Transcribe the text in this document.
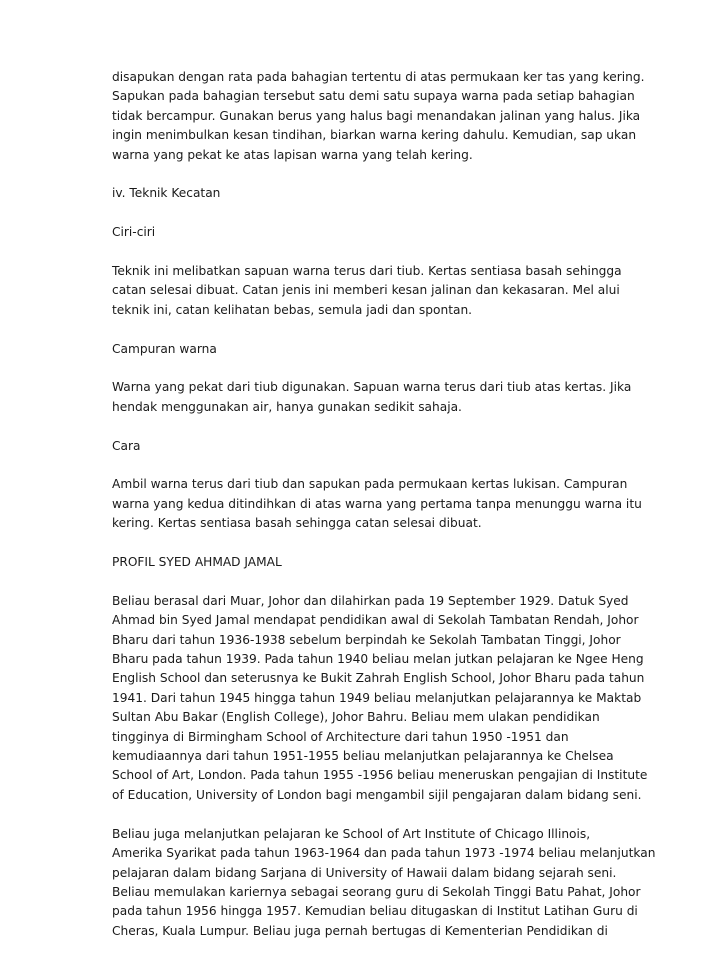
disapukan dengan rata pada bahagian tertentu di atas permukaan ker tas yang kering.
Sapukan pada bahagian tersebut satu demi satu supaya warna pada setiap bahagian
tidak bercampur. Gunakan berus yang halus bagi menandakan jalinan yang halus. Jika
ingin menimbulkan kesan tindihan, biarkan warna kering dahulu. Kemudian, sap ukan
warna yang pekat ke atas lapisan warna yang telah kering.
iv. Teknik Kecatan
Ciri-ciri
Teknik ini melibatkan sapuan warna terus dari tiub. Kertas sentiasa basah sehingga
catan selesai dibuat. Catan jenis ini memberi kesan jalinan dan kekasaran. Mel alui
teknik ini, catan kelihatan bebas, semula jadi dan spontan.
Campuran warna
Warna yang pekat dari tiub digunakan. Sapuan warna terus dari tiub atas kertas. Jika
hendak menggunakan air, hanya gunakan sedikit sahaja.
Cara
Ambil warna terus dari tiub dan sapukan pada permukaan kertas lukisan. Campuran
warna yang kedua ditindihkan di atas warna yang pertama tanpa menunggu warna itu
kering. Kertas sentiasa basah sehingga catan selesai dibuat.
PROFIL SYED AHMAD JAMAL
Beliau berasal dari Muar, Johor dan dilahirkan pada 19 September 1929. Datuk Syed
Ahmad bin Syed Jamal mendapat pendidikan awal di Sekolah Tambatan Rendah, Johor
Bharu dari tahun 1936-1938 sebelum berpindah ke Sekolah Tambatan Tinggi, Johor
Bharu pada tahun 1939. Pada tahun 1940 beliau melan jutkan pelajaran ke Ngee Heng
English School dan seterusnya ke Bukit Zahrah English School, Johor Bharu pada tahun
1941. Dari tahun 1945 hingga tahun 1949 beliau melanjutkan pelajarannya ke Maktab
Sultan Abu Bakar (English College), Johor Bahru. Beliau mem ulakan pendidikan
tingginya di Birmingham School of Architecture dari tahun 1950 -1951 dan
kemudiaannya dari tahun 1951-1955 beliau melanjutkan pelajarannya ke Chelsea
School of Art, London. Pada tahun 1955 -1956 beliau meneruskan pengajian di Institute
of Education, University of London bagi mengambil sijil pengajaran dalam bidang seni.
Beliau juga melanjutkan pelajaran ke School of Art Institute of Chicago Illinois,
Amerika Syarikat pada tahun 1963-1964 dan pada tahun 1973 -1974 beliau melanjutkan
pelajaran dalam bidang Sarjana di University of Hawaii dalam bidang sejarah seni.
Beliau memulakan kariernya sebagai seorang guru di Sekolah Tinggi Batu Pahat, Johor
pada tahun 1956 hingga 1957. Kemudian beliau ditugaskan di Institut Latihan Guru di
Cheras, Kuala Lumpur. Beliau juga pernah bertugas di Kementerian Pendidikan di
